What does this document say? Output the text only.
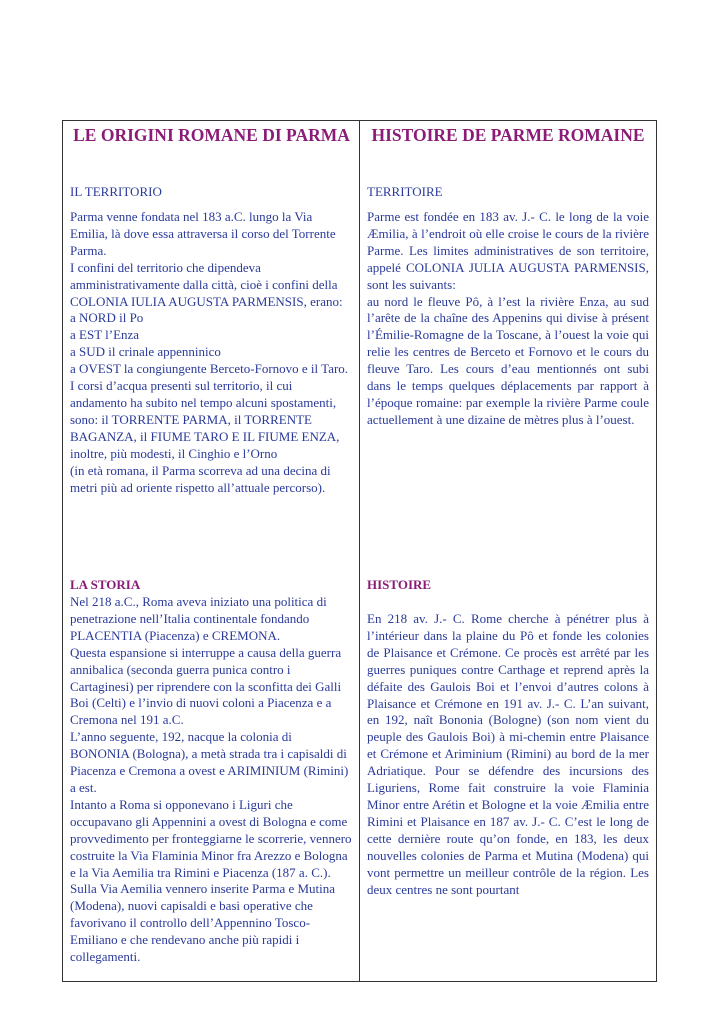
LE ORIGINI ROMANE DI PARMA

IL TERRITORIO

Parma venne fondata nel 183 a.C. lungo la Via Emilia, là dove essa attraversa il corso del Torrente Parma.
I confini del territorio che dipendeva amministrativamente dalla città, cioè i confini della COLONIA IULIA AUGUSTA PARMENSIS, erano:
a NORD il Po
a EST l’Enza
a SUD il crinale appenninico
a OVEST la congiungente Berceto-Fornovo e il Taro.
I corsi d’acqua presenti sul territorio, il cui andamento ha subito nel tempo alcuni spostamenti, sono: il TORRENTE PARMA, il TORRENTE BAGANZA, il FIUME TARO E IL FIUME ENZA, inoltre, più modesti, il Cinghio e l’Orno
(in età romana, il Parma scorreva ad una decina di metri più ad oriente rispetto all’attuale percorso).

LA STORIA

Nel 218 a.C., Roma aveva iniziato una politica di penetrazione nell’Italia continentale fondando PLACENTIA (Piacenza) e CREMONA.
Questa espansione si interruppe a causa della guerra annibalica (seconda guerra punica contro i Cartaginesi) per riprendere con la sconfitta dei Galli Boi (Celti) e l’invio di nuovi coloni a Piacenza e a Cremona nel 191 a.C.
L’anno seguente, 192, nacque la colonia di BONONIA (Bologna), a metà strada tra i capisaldi di Piacenza e Cremona a ovest e ARIMINIUM (Rimini) a est.
Intanto a Roma si opponevano i Liguri che occupavano gli Appennini a ovest di Bologna e come provvedimento per fronteggiarne le scorrerie, vennero costruite la Via Flaminia Minor fra Arezzo e Bologna e la Via Aemilia tra Rimini e Piacenza (187 a. C.). Sulla Via Aemilia vennero inserite Parma e Mutina (Modena), nuovi capisaldi e basi operative che favorivano il controllo dell’Appennino Tosco-Emiliano e che rendevano anche più rapidi i collegamenti.

HISTOIRE DE PARME ROMAINE

TERRITOIRE

Parme est fondée en 183 av. J.- C. le long de la voie Æmilia, à l’endroit où elle croise le cours de la rivière Parme. Les limites administratives de son territoire, appelé COLONIA JULIA AUGUSTA PARMENSIS, sont les suivants:
au nord le fleuve Pô, à l’est la rivière Enza, au sud l’arête de la chaîne des Appenins qui divise à présent l’Émilie-Romagne de la Toscane, à l’ouest la voie qui relie les centres de Berceto et Fornovo et le cours du fleuve Taro. Les cours d’eau mentionnés ont subi dans le temps quelques déplacements par rapport à l’époque romaine: par exemple la rivière Parme coule actuellement à une dizaine de mètres plus à l’ouest.

HISTOIRE

En 218 av. J.- C. Rome cherche à pénétrer plus à l’intérieur dans la plaine du Pô et fonde les colonies de Plaisance et Crémone. Ce procès est arrêté par les guerres puniques contre Carthage et reprend après la défaite des Gaulois Boi et l’envoi d’autres colons à Plaisance et Crémone en 191 av. J.- C. L’an suivant, en 192, naît Bononia (Bologne) (son nom vient du peuple des Gaulois Boi) à mi-chemin entre Plaisance et Crémone et Ariminium (Rimini) au bord de la mer Adriatique. Pour se défendre des incursions des Liguriens, Rome fait construire la voie Flaminia Minor entre Arétin et Bologne et la voie Æmilia entre Rimini et Plaisance en 187 av. J.- C. C’est le long de cette dernière route qu’on fonde, en 183, les deux nouvelles colonies de Parma et Mutina (Modena) qui vont permettre un meilleur contrôle de la région. Les deux centres ne sont pourtant
